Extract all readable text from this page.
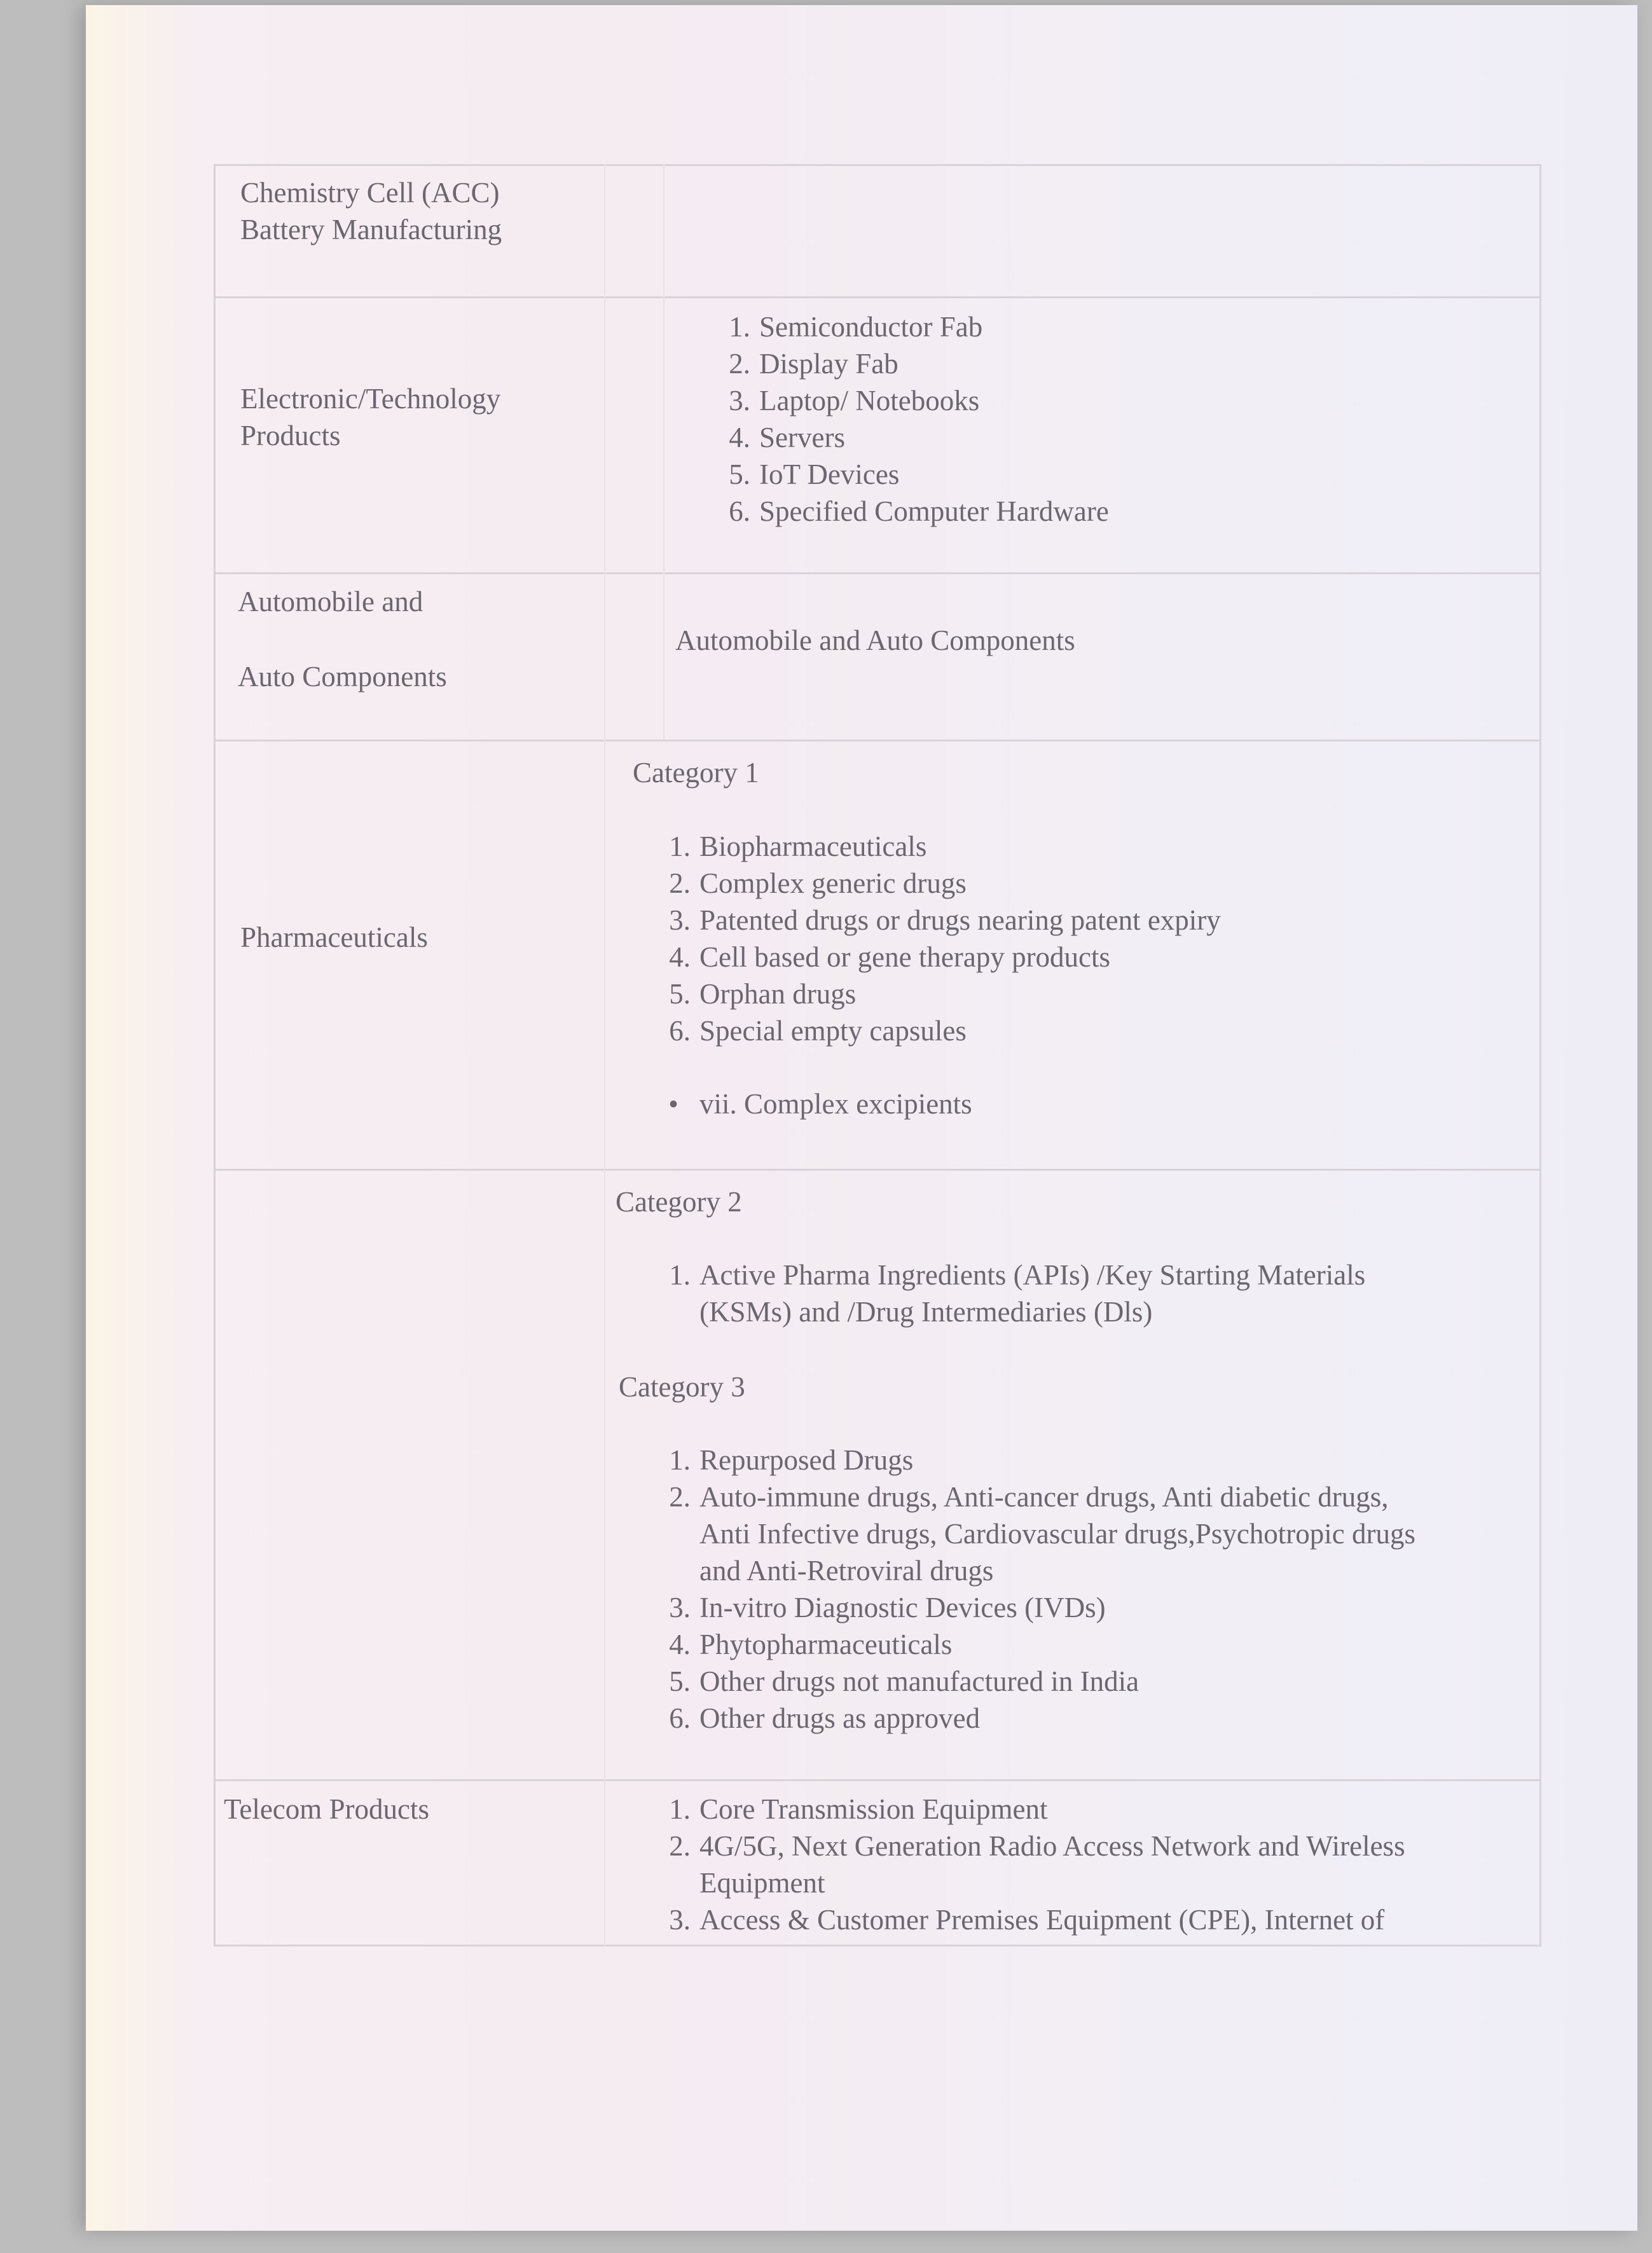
Chemistry Cell (ACC)
Battery Manufacturing
Electronic/Technology
Products
1. Semiconductor Fab
2. Display Fab
3. Laptop/ Notebooks
4. Servers
5. IoT Devices
6. Specified Computer Hardware
Automobile and
Auto Components
Automobile and Auto Components
Pharmaceuticals
Category 1
1. Biopharmaceuticals
2. Complex generic drugs
3. Patented drugs or drugs nearing patent expiry
4. Cell based or gene therapy products
5. Orphan drugs
6. Special empty capsules
• vii. Complex excipients
Category 2
1. Active Pharma Ingredients (APIs) /Key Starting Materials
(KSMs) and /Drug Intermediaries (Dls)
Category 3
1. Repurposed Drugs
2. Auto-immune drugs, Anti-cancer drugs, Anti diabetic drugs,
Anti Infective drugs, Cardiovascular drugs,Psychotropic drugs
and Anti-Retroviral drugs
3. In-vitro Diagnostic Devices (IVDs)
4. Phytopharmaceuticals
5. Other drugs not manufactured in India
6. Other drugs as approved
Telecom Products	1. Core Transmission Equipment
2. 4G/5G, Next Generation Radio Access Network and Wireless
Equipment
3. Access & Customer Premises Equipment (CPE), Internet of
